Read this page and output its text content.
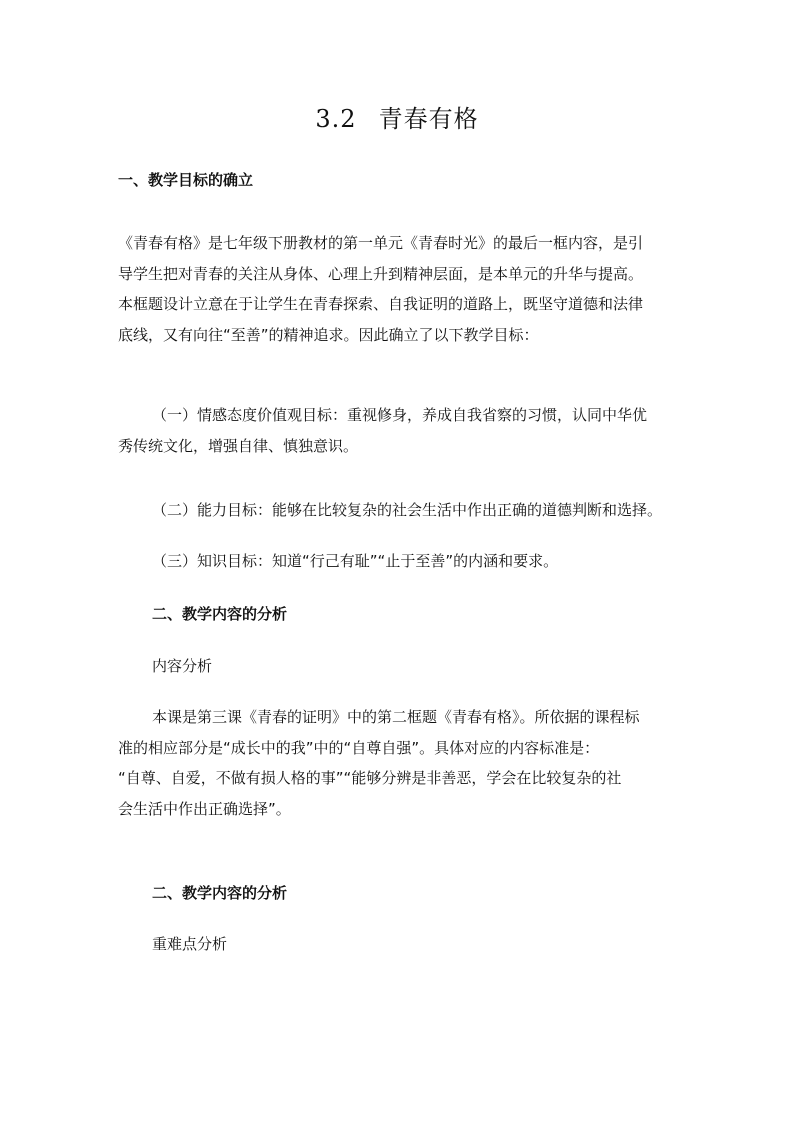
3.2 青春有格
一、教学目标的确立
《青春有格》是七年级下册教材的第一单元《青春时光》的最后一框内容，是引
导学生把对青春的关注从身体、心理上升到精神层面，是本单元的升华与提高。
本框题设计立意在于让学生在青春探索、自我证明的道路上，既坚守道德和法律
底线，又有向往“至善”的精神追求。因此确立了以下教学目标：
（一）情感态度价值观目标：重视修身，养成自我省察的习惯，认同中华优
秀传统文化，增强自律、慎独意识。
（二）能力目标：能够在比较复杂的社会生活中作出正确的道德判断和选择。
（三）知识目标：知道“行己有耻”“止于至善”的内涵和要求。
二、教学内容的分析
内容分析
本课是第三课《青春的证明》中的第二框题《青春有格》。所依据的课程标
准的相应部分是“成长中的我”中的“自尊自强”。具体对应的内容标准是：
“自尊、自爱，不做有损人格的事”“能够分辨是非善恶，学会在比较复杂的社
会生活中作出正确选择”。
二、教学内容的分析
重难点分析
